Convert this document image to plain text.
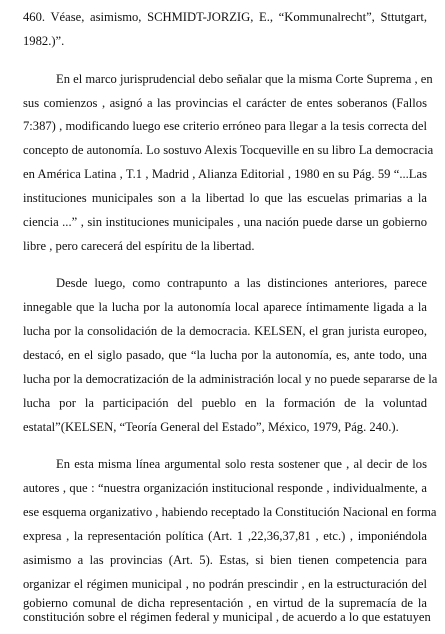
460. Véase, asimismo, SCHMIDT-JORZIG, E., “Kommunalrecht”, Sttutgart,
1982.)”.
En el marco jurisprudencial debo señalar que la misma Corte Suprema , en
sus comienzos , asignó a las provincias el carácter de entes soberanos (Fallos
7:387) , modificando luego ese criterio erróneo para llegar a la tesis correcta del
concepto de autonomía. Lo sostuvo Alexis Tocqueville en su libro La democracia
en América Latina , T.1 , Madrid , Alianza Editorial , 1980 en su Pág. 59 “...Las
instituciones municipales son a la libertad lo que las escuelas primarias a la
ciencia ...” , sin instituciones municipales , una nación puede darse un gobierno
libre , pero carecerá del espíritu de la libertad.
Desde luego, como contrapunto a las distinciones anteriores, parece
innegable que la lucha por la autonomía local aparece íntimamente ligada a la
lucha por la consolidación de la democracia. KELSEN, el gran jurista europeo,
destacó, en el siglo pasado, que “la lucha por la autonomía, es, ante todo, una
lucha por la democratización de la administración local y no puede separarse de la
lucha por la participación del pueblo en la formación de la voluntad
estatal”(KELSEN, “Teoría General del Estado”, México, 1979, Pág. 240.).
En esta misma línea argumental solo resta sostener que , al decir de los
autores , que : “nuestra organización institucional responde , individualmente, a
ese esquema organizativo , habiendo receptado la Constitución Nacional en forma
expresa , la representación política (Art. 1 ,22,36,37,81 , etc.) , imponiéndola
asimismo a las provincias (Art. 5). Estas, si bien tienen competencia para
organizar el régimen municipal , no podrán prescindir , en la estructuración del
gobierno comunal de dicha representación , en virtud de la supremacía de la
constitución sobre el régimen federal y municipal , de acuerdo a lo que estatuyen
